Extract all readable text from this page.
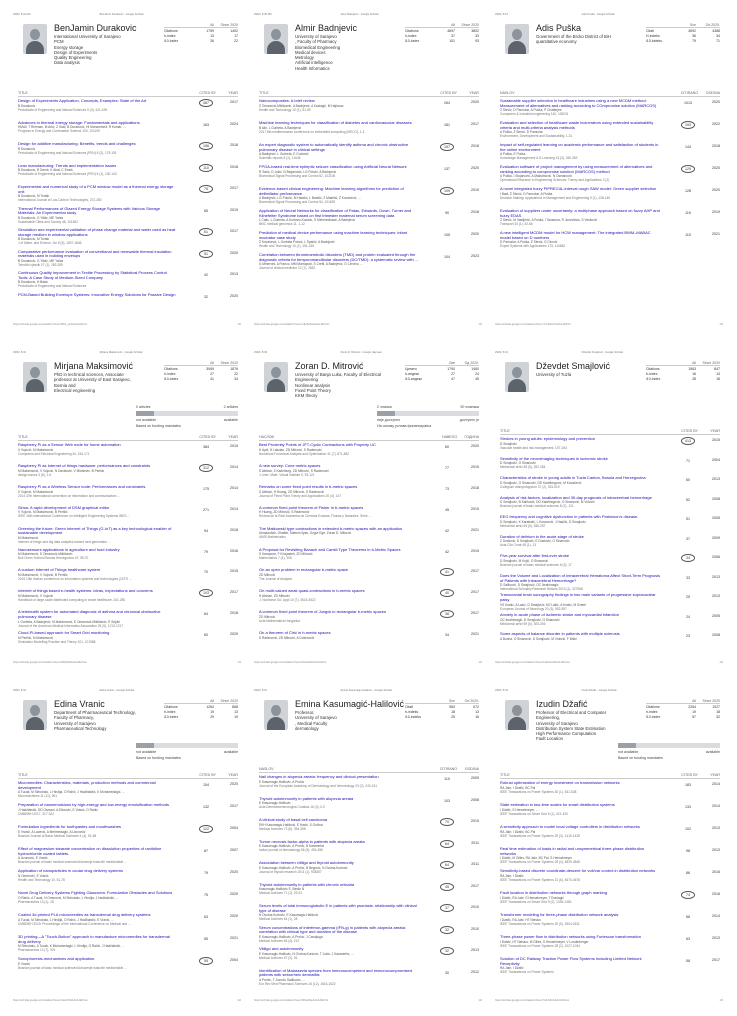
29/03, 8:31 AM	BenJamin Durakovic - Google Scholar
BenJamin Durakovic
International University of Sarajevo
PCM
Energy storage
Design of Experiments
Quality Engineering
Data analysis
All	Since 2020
Citations	1759	1402
h-index	13	17
i10-index	26	22
TITLE	CITED BY	YEAR
Design of Experiments Application, Concepts, Examples: State of the Art
B Durakovic
Periodicals of Engineering and Natural Sciences 5 (3), 421-439
487	2017
Advances in thermal energy storage: Fundamentals and applications
HMAli, T Rehman, M Arici, Z Said, B Duraković, HI Mohammed, R Kumar, ...
Progress in Energy and Combustion Science 100, 101109
163	2024
Design for additive manufacturing: Benefits, trends and challenges
B Durakovic
Periodicals of Engineering and Natural Sciences (PEN) 6 (2), 179-191
156	2018
Lean manufacturing: Trends and implementation issues
B Durakovic, R Demir, K Abat, C Emek
Periodicals of Engineering and Natural Sciences (PEN) 6 (1), 130-143
110	2018
Experimental and numerical study of a PCM window model as a thermal energy storage unit
B Durakovic, M Torlak
International Journal of Low-Carbon Technologies, 272-280
75	2017
Thermal Performances of Glazed Energy Storage Systems with Various Storage Materials: An Experimental study
B Durakovic, G Yildiz, ME Yahia
Sustainable Cities and Society 48, 101562
65	2019
Simulation and experimental validation of phase change material and water used as heat storage medium in window applications
B Durakovic, M Torlak
J of Mater. and Environ. Sci 8 (5), 1837-1846
61	2017
Comparative performance evaluation of conventional and renewable thermal insulation materials used in building envelops
B Durakovic, G Yildiz, ME Yahia
Tehnički vjesnik 27 (1), 283-289
51	2020
Continuous Quality Improvement in Textile Processing by Statistical Process Control Tools: A Case Study of Medium-Sized Company
B Durakovic, H Basic
Periodicals of Engineering and Natural Sciences
42	2013
PCM-Based Building Envelope Systems: Innovative Energy Solutions for Passive Design	32	2020
https://scholar.google.com/citations?user=BKk_ysIAAAAJ&hl=en	1/2
29/03, 8:36 PM	Almir Badnjevic - Google Scholar
Almir Badnjevic
University of Sarajevo
, Faculty of Pharmacy
Biomedical Engineering
Medical devices
Metrology
Artificial intelligence
Health Informatics
All	Since 2020
Citations	4697	3802
h-index	37	33
i10-index	101	93
TITLE	CITED BY	YEAR
Nanocomposites: A brief review
Ž Omanović-Miklićanin, A Badnjević, A Kazlagić, M Hajlovac
Health and Technology 10 (1), 51-59
264	2020
Machine learning techniques for classification of diabetes and cardiovascular diseases
B Alić, L Gurbeta, A Badnjević
2017 6th mediterranean conference on embedded computing (MECO), 1-4
181	2017
An expert diagnostic system to automatically identify asthma and chronic obstructive pulmonary disease in clinical settings
A Badnjević, L Gurbeta, E Ćustović
Scientific reports 8 (1), 11645
157	2018
FPGA-based real-time epileptic seizure classification using Artificial Neural Network
R Sarić, D Jokić, N Beganović, LG Pokvić, A Badnjević
Biomedical Signal Processing and Control 62, 102106
137	2020
Evidence-based clinical engineering: Machine learning algorithms for prediction of defibrillator performance
A Badnjević, LG Pokvić, M Hasičić, L Bandić, Z Mašetić, Ž Kovačević, ...
Biomedical Signal Processing and Control 54, 101629
109	2019
Application of Neural Networks for classification of Patau, Edwards, Down, Turner and Klinefelter Syndrome based on first trimester maternal serum screening data
L Catic, L Gurbeta, A Kurtovic-Kozaric, S Mehmedbasic, A Badnjevic
BMC medical genomics 11, 1-12
90	2018
Prediction of medical device performance using machine learning techniques: infant incubator case study
Ž Kovačević, L Gurbeta Pokvić, L Spahić, A Badnjević
Health and Technology 10 (1), 151-155
105	2020
Correlation between thromboembolic disorders (TMD) and protein evaluated through the diagnostic criteria for temporomandibular disorders (DC/TMD): a systematic review with ...
G Minervini, A Franco, MM Marrapodi, S Cretti, A Badnjević, G Cervino, ...
Journal of clinical medicine 12 (7), 2652
104	2023
https://scholar.google.com/citations?user=u5e5w6wAAAAJ&hl=en	1/3
29/03, 8:13	Adis Puska - Google Scholar
Adis Puška
Government of the Brcko District of BiH
quantitative economy
Sve	Od 2020.
Citati	4592	4388
H-indeks	36	34
i10-indeks	79	71
NASLOV	CITIRANO GODINA
Sustainable supplier selection in healthcare industries using a new MCDM method: Measurement of alternatives and ranking according to COmpromise solution (MARCOS)
Ž Stević, D Pamučar, A Puška, P Chatterjee
Computers & Industrial engineering 140, 106231
1013	2020
Evaluation and selection of healthcare waste incinerators using extended sustainability criteria and multi-criteria analysis methods
A Puška, Ž Stević, D Pamučar
Environment, Development and Sustainability, 1-31
193	2022
Impact of self-regulated learning on academic performance and satisfaction of students in the online environment
A Puška, E Puška
Knowledge Management & E-Learning 13 (3), 349-363
144	2018
Evaluation software of project management by using measurement of alternatives and ranking according to compromise solution (MARCOS) method
A Puška, I Stojanović, A Maksimović, N Osmanović
Operational Research in Engineering Sciences: Theory and Applications 3 (1)
129	2020
A novel integrated fuzzy PIPRECIA–interval rough SAW model: Green supplier selection
I Badi, Ž Stević, D Pamučar, A Puška
Decision Making: Applications in Management and Engineering 5 (1), 128-145
128	2020
Evaluation of suppliers under uncertainty: a multiphase approach based on fuzzy AHP and fuzzy EDAS
Ž Stević, M Vasiljević, A Puška, I Tanackov, R Junevičius, S Vesković
Transport 34 (1), 52-66
119	2019
A new intelligent MCDM model for HCW management: The integrated BWM–MABAC model based on D numbers
D Pamučar, A Puška, Ž Stević, G Ćirović
Expert Systems with Applications 175, 114862
110	2021
https://scholar.google.com/citations?user=1YnE4w7IAAAAJ&hl=hr	1/3
29/03, 8:34	Mirjana Maksimovic - Google Scholar
Mirjana Maksimović
PhD in technical sciences, Associate
professor at University of East Sarajevo,
Bosnia and
Electrical engineering
All	Since 2020
Citations	3069	1876
h-index	27	22
i10-index	41	34
0 articles	2 articles
not available	available
Based on funding mandates
TITLE	CITED BY	YEAR
Raspberry Pi as a Sensor Web node for home automation
V Vujović, M Maksimović
Computers and Electrical Engineering 44, 153-171
384	2015
Raspberry Pi as Internet of things hardware: performances and constraints
M Maksimović, V Vujović, N Davidović, V Milošević, B Perišić
design issues 3 (8), 1-6
312	2014
Raspberry Pi as a Wireless Sensor node: Performances and constraints
V Vujović, M Maksimović
2014 37th international convention on information and communication ...
175	2014
Sirius: A rapid development of DSM graphical editor
V Vujović, M Maksimović, B Perišić
IEEE 18th International Conference on Intelligent Engineering Systems INES ...
271	2014
Greening the future: Green Internet of Things (G-IoT) as a key technological enabler of sustainable development
M Maksimović
Internet of things and big data analytics toward next-generation ...
94	2018
Nanosensors applications in agriculture and food industry
M Maksimović, E Omanović-Mikličanin
Bull Chem Technol Bosnia Herzegovina 47, 59-70
79	2016
A custom Internet of Things healthcare system
M Maksimović, V Vujović, B Perišić
2015 10th Iberian conference on information systems and technologies (CISTI ...
70	2015
Internet of things based e-health systems: ideas, expectations and concerns
M Maksimović, V Vujović
Handbook of large-scale distributed computing in smart healthcare, 241-280
103	2017
A telehealth system for automated diagnosis of asthma and chronical obstructive pulmonary disease
L Gurbeta, A Badnjević, M Maksimović, E Omanović-Mikličanin, E Sejdić
Journal of the American Medical Informatics Association 25 (9), 1213-1217
64	2018
Cloud-Pi-based approach for Smart Grid monitoring
M Perišić, M Maksimović
Simulation Modelling Practice and Theory 101, 101988
60	2020
https://scholar.google.com/citations?user=8ZQiSlkAAAAJ&hl=en	1/3
29/03, 8:39	Zoran D. Mitrović - Google Научник
Zoran D. Mitrović
University of Banja Luka, Faculty of Electrical
Engineering
Nonlinear analysis
Fixed Point Theory
KKM theory
Све	Од 2020.
Цитати	1790	1460
h-индекс	27	24
i10-индекс	47	45
2 чланка	90 чланака
није доступно	доступно је
На основу услова финансирања
НАСЛОВ	НАВЕЛО ГОДИНА
Best Proximity Points of JFT-Cyclic Contractions with Property UC
H Aydi, H Lakzian, ZD Mitrović, S Radenović
Numerical Functional Analysis and Optimization 41 (7), 871-882
60	2020
A new survey: Cone metric spaces
S Aleksić, Z Kadelburg, ZD Mitrović, S Radenović
J. Inter. Math. Virtual Institute 9, 93-121
77	2019
Remarks on some fixed point results in b-metric spaces
S Aleksić, H Huang, ZD Mitrović, S Radenović
Journal of Fixed Point Theory and Applications 20 (4), 147
73	2018
A common fixed point theorem of Fisher in b-metric spaces
H Huang, ZD Mitrović, S Radenović
Revista de la Real Academia de Ciencias Exactas, Físicas y Naturales. Serie ...
45	2019
The Matkowski type contractions in extended b-metric spaces with an application
Ahmadullah, Ghaffar, Saleem Ilyas, Ozgur Ege, Zoran D. Mitrović
AIMS Mathematics
42	2021
A Proposal for Revisiting Banach and Caristi Type Theorems in b-Metric Spaces
S Karapınar, F Khojasteh, ZD Mitrović
Mathematics 7 (4), 308
42	2019
On an open problem in rectangular b-metric space
ZD Mitrović
The Journal of Analysis
41	2017
On multi-valued weak quasi-contractions in b-metric spaces
H Afshari, ZD Mitrović
J. Nonlinear Sci. Appl 10 (7), 3615-3622
40	2017
A common fixed point theorem of Jungck in rectangular b-metric spaces
ZD Mitrović
Acta Mathematica Hungarica
38	2017
On a theorem of Ćirić in b-metric spaces
S Radenović, ZD Mitrović, A Došenović
34	2021
https://scholar.google.com/citations?user=fwo2AiIAAAAJ&hl=sr	1/3
29/03, 8:31	Dževdet Smajlović - Google Scholar
Dževdet Smajlović
University of Tuzla
All	Since 2020
Citations	1563	847
h-index	16	13
i10-index	28	18
TITLE	CITED BY	YEAR
Strokes in young adults: epidemiology and prevention
D Smajlović
Vascular health and risk management, 157-164
413	2015
Sensitivity of the neuroimaging techniques in ischemic stroke
D Smajlović, O Sinanović
Medicinski arhiv 58 (5), 282-284
71	2004
Characteristics of stroke in young adults in Tuzla Canton, Bosnia and Herzegovina
D Smajlović, O Sinanović, DD Kadribegović, M Kovačević
Collegium antropologicum 37 (2), 515-519
60	2013
Analysis of risk factors, localization and 30-day prognosis of intracerebral hemorrhage
D Smajlović, B Salihović, DD Kadribegović, O Sinanović, M Vidović
Bosnian journal of basic medical sciences 8 (2), 121
52	2008
EEG frequency and cognitive dysfunction in patients with Parkinson's disease.
D Smajlović, K Karabalić, L Koravović, J Hadžić, D Smajlović
Medicinski arhiv 59 (5), 286-287
51	2005
Duration of delirium in the acute stage of stroke
Z Dostović, D Smajlović, E Dostović, O Sinanović
Acta Clin Croat 48 (1), 13
37	2009
Five-year survival after first-ever stroke
D Smajlović, M Kojić, O Sinanović
Bosnian journal of basic medical sciences 6 (3), 17
34	2006
Does the Volume and Localization of Intracerebral Hematoma Affect Short-Term Prognosis of Patients with Intracerebral Hemorrhage?
D Salihović, D Smajlović, OC Ibrahimagić
International Scholarly Research Notices 2013 (1), 327968
33	2013
Transcranial brain sonography findings in two main variants of progressive supranuclear palsy
VS Kostić, A Lazić, D Smajlović, MJ Lakić, A Kostić, M Svetel
European Journal of Neurology 20 (3), 552-557
25	2013
Anxiety in acute phase of ischemic stroke and myocardial infarction
OC Ibrahimagić, D Smajlović, O Sinanović
Medicinski arhiv 59 (6), 305-306
24	2005
Some aspects of balance disorder in patients with multiple sclerosis
A Burina, O Sinanović, D Smajlović, M Vidović, F Brkić
23	2008
https://scholar.google.com/citations?user=hcEAGxIAAAAJ&hl=en	1/2
29/03, 8:33	Edina Vranic - Google Scholar
Edina Vranic
Department of Pharmaceutical Technology,
Faculty of Pharmacy,
University of Sarajevo
Pharmaceutical Technology
All	Since 2020
Citations	1264	868
h-index	19	13
i10-index	29	19
not available	available
Based on funding mandates
TITLE	CITED BY	YEAR
Microneedles: Characteristics, materials, production methods and commercial development
A Tucak, M Sirbubalo, L Hindija, O Rahić, J Hadžiabdić, K Muhamedagić, ...
Micromachines 11 (11), 961
154	2020
Preparation of nanoemulsions by high-energy and low-energy emulsification methods
J Hadžiabdić, DD Osmani, A Elezović, E Vranić, O Rahić
CMBEBIH 2017, 317-322
132	2017
Formulation ingredients for toothpastes and mouthwashes
E Vranić, A Lacević, A Mehmedagić, A Uzunović
Bosnian Journal of Basic Medical Sciences 4 (4), 51-58
122	2004
Effect of magnesium stearate concentration on dissolution properties of ranitidine hydrochloride coated tablets.
A Uzunović, E Vranić
Bosnian journal of basic medical sciences/Udruzenje basicnih mediciniskih ...
87	2007
Application of nanoparticles in ocular drug delivery systems
N Omerović, E Vranić
Health and Technology 10, 61-78
79	2020
Novel Drug Delivery Systems Fighting Glaucoma: Formulation Obstacles and Solutions
O Rahić, A Tucak, N Omerović, M Sirbubalo, L Hindija, J Hadžiabdić, ...
Pharmaceutics 13 (1), 28
75	2020
Coated 3d printed PLA microneedles as transdermal drug delivery systems
A Tucak, M Sirbubalo, L Hindija, O Rahić, J Hadžiabdić, E Vranić, ...
CMBEBIH 2019: Proceedings of the International Conference on Medical and ...
63	2020
3D printing—A "Touch-Button" approach to manufacture microneedles for transdermal drug delivery
M Sirbubalo, A Tucak, K Muhamedagić, L Hindija, O Rahić, J Hadžiabdić, ...
Pharmaceutics 13 (7), 924
55	2021
Sonophoresis-mechanisms and application.
E Vranić
Bosnian journal of basic medical sciences/Udruzenje basicnih mediciniskih ...
55	2004
https://scholar.google.com/citations?user=2ac2nWIAAAAJ&hl=en	1/2
29/03, 8:51	Emina Kasumagic-Halilovic - Google Scholar
Emina Kasumagić-Halilović
Professor,
University of Sarajevo
, Medical Faculty
dermatology
Sve	Od 2020.
Citati	983	672
h-indeks	18	13
i10-indeks	25	16
NASLOV	CITIRANO GODINA
Nail changes in alopecia areata: frequency and clinical presentation
E Kasumagic-Halilovic, A Prohic
Journal of the European Academy of Dermatology and Venereology 23 (2), 240-241
110	2009
Thyroid autoimmunity in patients with alopecia areata
E Kasumagic-Halilovic
Acta Dermatovenerologica Croatica 16 (3), 0-0
103	2008
A clinical study of basal cell carcinoma
EKH Kasumagic-Halilović, E Hasić, S Ovčina
Medical Archives 73 (6), 394-398
70	2019
Tumor necrosis factor-alpha in patients with alopecia areata
E Kasumagic-Halilovic, A Prohic, B Karamehic
Indian journal of dermatology 56 (5), 494-496
64	2011
Association between vitiligo and thyroid autoimmunity
E Kasumagic-Halilovic, A Prohic, B Begovic, N Ovcina-Kurtovic
Journal of thyroid research 2011 (1), 938257
64	2011
Thyroid autoimmunity in patients with chronic urticaria
Kasumagic-Halilovic E, Beslic N
Medical Archives 71 (1), 29-31
45	2017
Serum levels of total immunoglobulin E in patients with psoriasis: relationship with clinical type of disease
N Ovcina-Kurtovic, E Kasumagic-Halilovic
Medical Archives 64 (1), 28
37	2010
Serum concentrations of interferon-gamma (IFN-g) in patients with alopecia areata: correlation with clinical type and duration of the disease
E Kasumagic-Halilovic, A Prohic, J Cavaljuga
Medical Archives 64 (4), 212
32	2010
Vitiligo and autoimmunity
E Kasumagic-Halilovic, N Ovcina-Kurtovic, T Jukic, J Karamehic, ...
Medical Archives 67 (2), 91
32	2013
Identification of Malassezia species from immunocompetent and immunocompromised patients with seborrheic dermatitis
A Prohic, T Jovovic Sadikovic, ...
Eur Rev Med Pharmacol Sciences 16 (12), 1616-1622
30	2012
https://scholar.google.com/citations?user=R6s23qcAAAAJ&hl=hr	1/2
29/03, 8:34	Izudin Džafić - Google Scholar
Izudin Džafić
Professor of Electrical and Computer
Engineering,
University of Sarajevo
Distribution System State Estimation
High Performance Computation
Fault Location
All	Since 2020
Citations	2264	1027
h-index	19	18
i10-index	57	32
not available	available
Based on funding mandates
TITLE	CITED BY	YEAR
Robust optimization of energy investment on transmission networks
RA Jabr, I Džafić, BC Pal
IEEE Transactions on Power Systems 30 (1), 531-538
183	2014
State estimation in two-time scales for smart distribution systems
I Džafić, S Henselmeyer, ...
IEEE Transactions on Smart Grid 6 (1), 421-430
133	2014
A sensitivity approach to model local voltage controllers in distribution networks
RA Jabr, I Džafić, BC Pal
IEEE Transactions on Power Systems 29 (3), 1419-1428
102	2013
Real time estimation of loads in radial and unsymmetrical three-phase distribution networks
I Džafić, M Gilles, RA Jabr, BC Pal, S Henselmeyer
IEEE Transactions on Power Systems 28 (4), 4839-4848
98	2013
Sensitivity-based discrete coordinate-descent for volt/var control in distribution networks
RA Jabr, I Džafić
IEEE Transactions on Power Systems 31 (6), 4670-4678
86	2016
Fault location in distribution networks through graph marking
I Džafić, RA Jabr, S Henselmeyer, T Đonlagić
IEEE Transactions on Smart Grid 9 (2), 1345-1353
74	2016
Transformer modeling for three-phase distribution network analysis
I Džafić, RA Jabr, HT Neisius
IEEE Transactions on Power Systems 30 (5), 2604-2611
68	2014
Three-phase power flow in distribution networks using Fortescue transformation
I Džafić, HT Neisius, M Gilles, S Henselmeyer, V Lunderberger
IEEE Transactions on Power Systems 28 (2), 1027-1034
63	2013
Solution of DC Railway Traction Power Flow Systems Including Limited Network Receptivity
RA Jabr, I Džafić
IEEE Transactions on Power Systems
58	2017
https://scholar.google.com/citations?user=V4Lh9zIAAAAJ&hl=en	1/3
